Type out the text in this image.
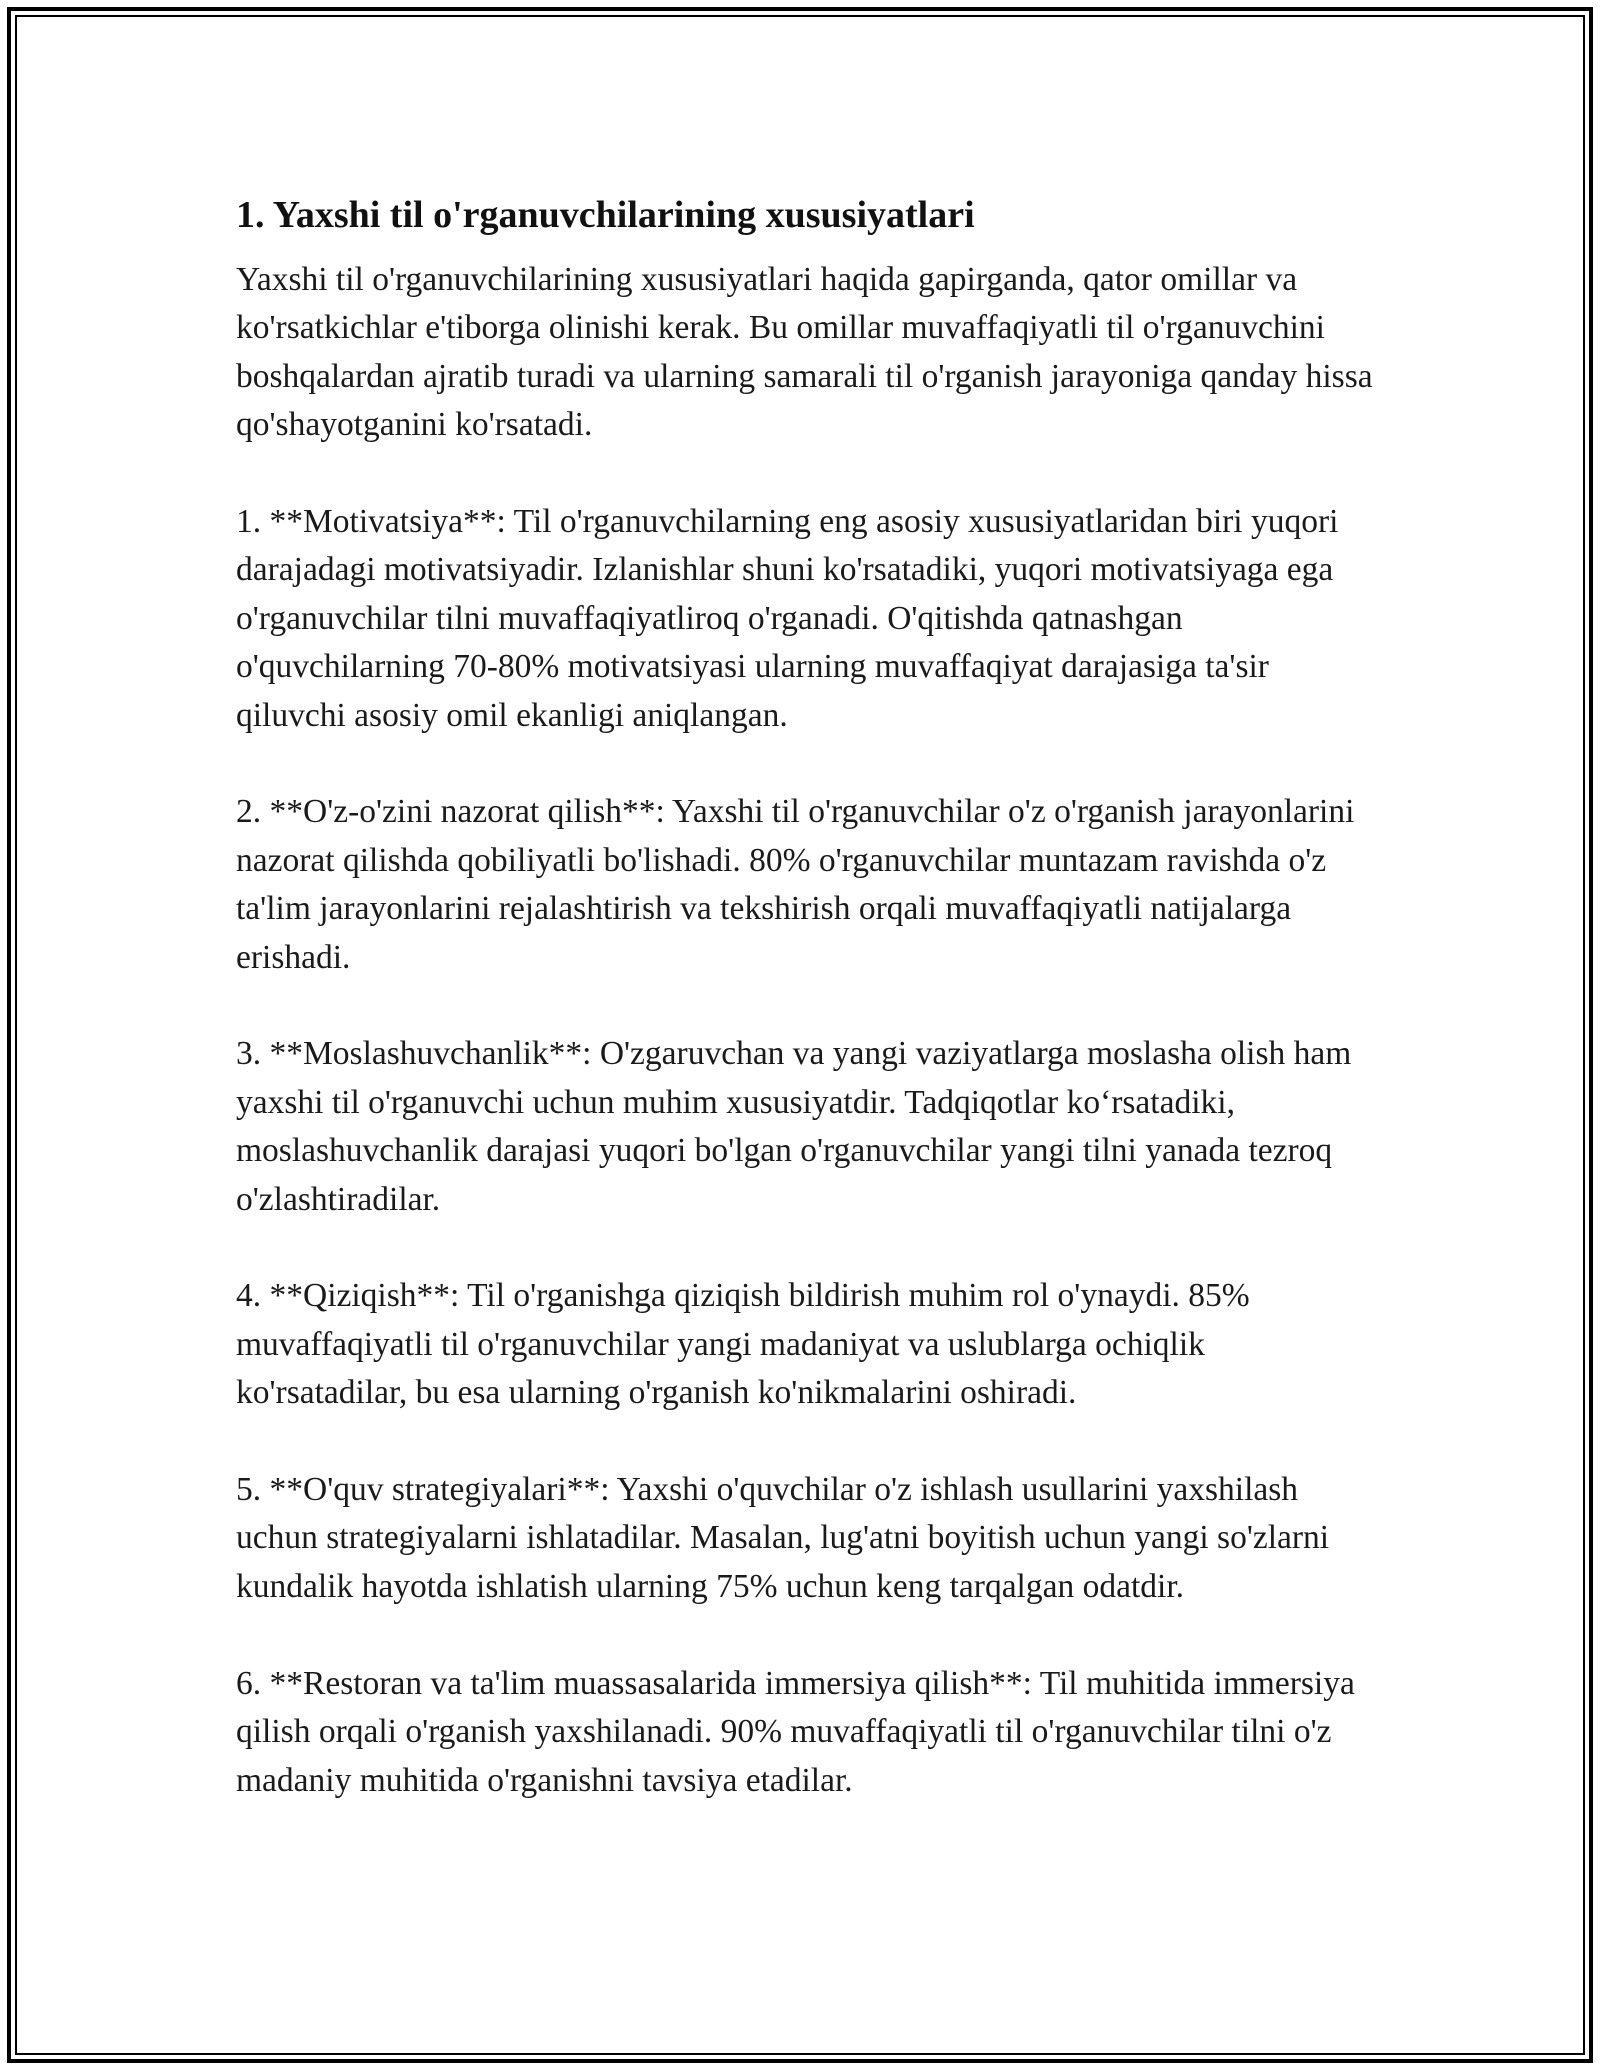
1. Yaxshi til o'rganuvchilarining xususiyatlari

Yaxshi til o'rganuvchilarining xususiyatlari haqida gapirganda, qator omillar va ko'rsatkichlar e'tiborga olinishi kerak. Bu omillar muvaffaqiyatli til o'rganuvchini boshqalardan ajratib turadi va ularning samarali til o'rganish jarayoniga qanday hissa qo'shayotganini ko'rsatadi.

1. **Motivatsiya**: Til o'rganuvchilarning eng asosiy xususiyatlaridan biri yuqori darajadagi motivatsiyadir. Izlanishlar shuni ko'rsatadiki, yuqori motivatsiyaga ega o'rganuvchilar tilni muvaffaqiyatliroq o'rganadi. O'qitishda qatnashgan o'quvchilarning 70-80% motivatsiyasi ularning muvaffaqiyat darajasiga ta'sir qiluvchi asosiy omil ekanligi aniqlangan.

2. **O'z-o'zini nazorat qilish**: Yaxshi til o'rganuvchilar o'z o'rganish jarayonlarini nazorat qilishda qobiliyatli bo'lishadi. 80% o'rganuvchilar muntazam ravishda o'z ta'lim jarayonlarini rejalashtirish va tekshirish orqali muvaffaqiyatli natijalarga erishadi.

3. **Moslashuvchanlik**: O'zgaruvchan va yangi vaziyatlarga moslasha olish ham yaxshi til o'rganuvchi uchun muhim xususiyatdir. Tadqiqotlar ko‘rsatadiki, moslashuvchanlik darajasi yuqori bo'lgan o'rganuvchilar yangi tilni yanada tezroq o'zlashtiradilar.

4. **Qiziqish**: Til o'rganishga qiziqish bildirish muhim rol o'ynaydi. 85% muvaffaqiyatli til o'rganuvchilar yangi madaniyat va uslublarga ochiqlik ko'rsatadilar, bu esa ularning o'rganish ko'nikmalarini oshiradi.

5. **O'quv strategiyalari**: Yaxshi o'quvchilar o'z ishlash usullarini yaxshilash uchun strategiyalarni ishlatadilar. Masalan, lug'atni boyitish uchun yangi so'zlarni kundalik hayotda ishlatish ularning 75% uchun keng tarqalgan odatdir.

6. **Restoran va ta'lim muassasalarida immersiya qilish**: Til muhitida immersiya qilish orqali o'rganish yaxshilanadi. 90% muvaffaqiyatli til o'rganuvchilar tilni o'z madaniy muhitida o'rganishni tavsiya etadilar.
